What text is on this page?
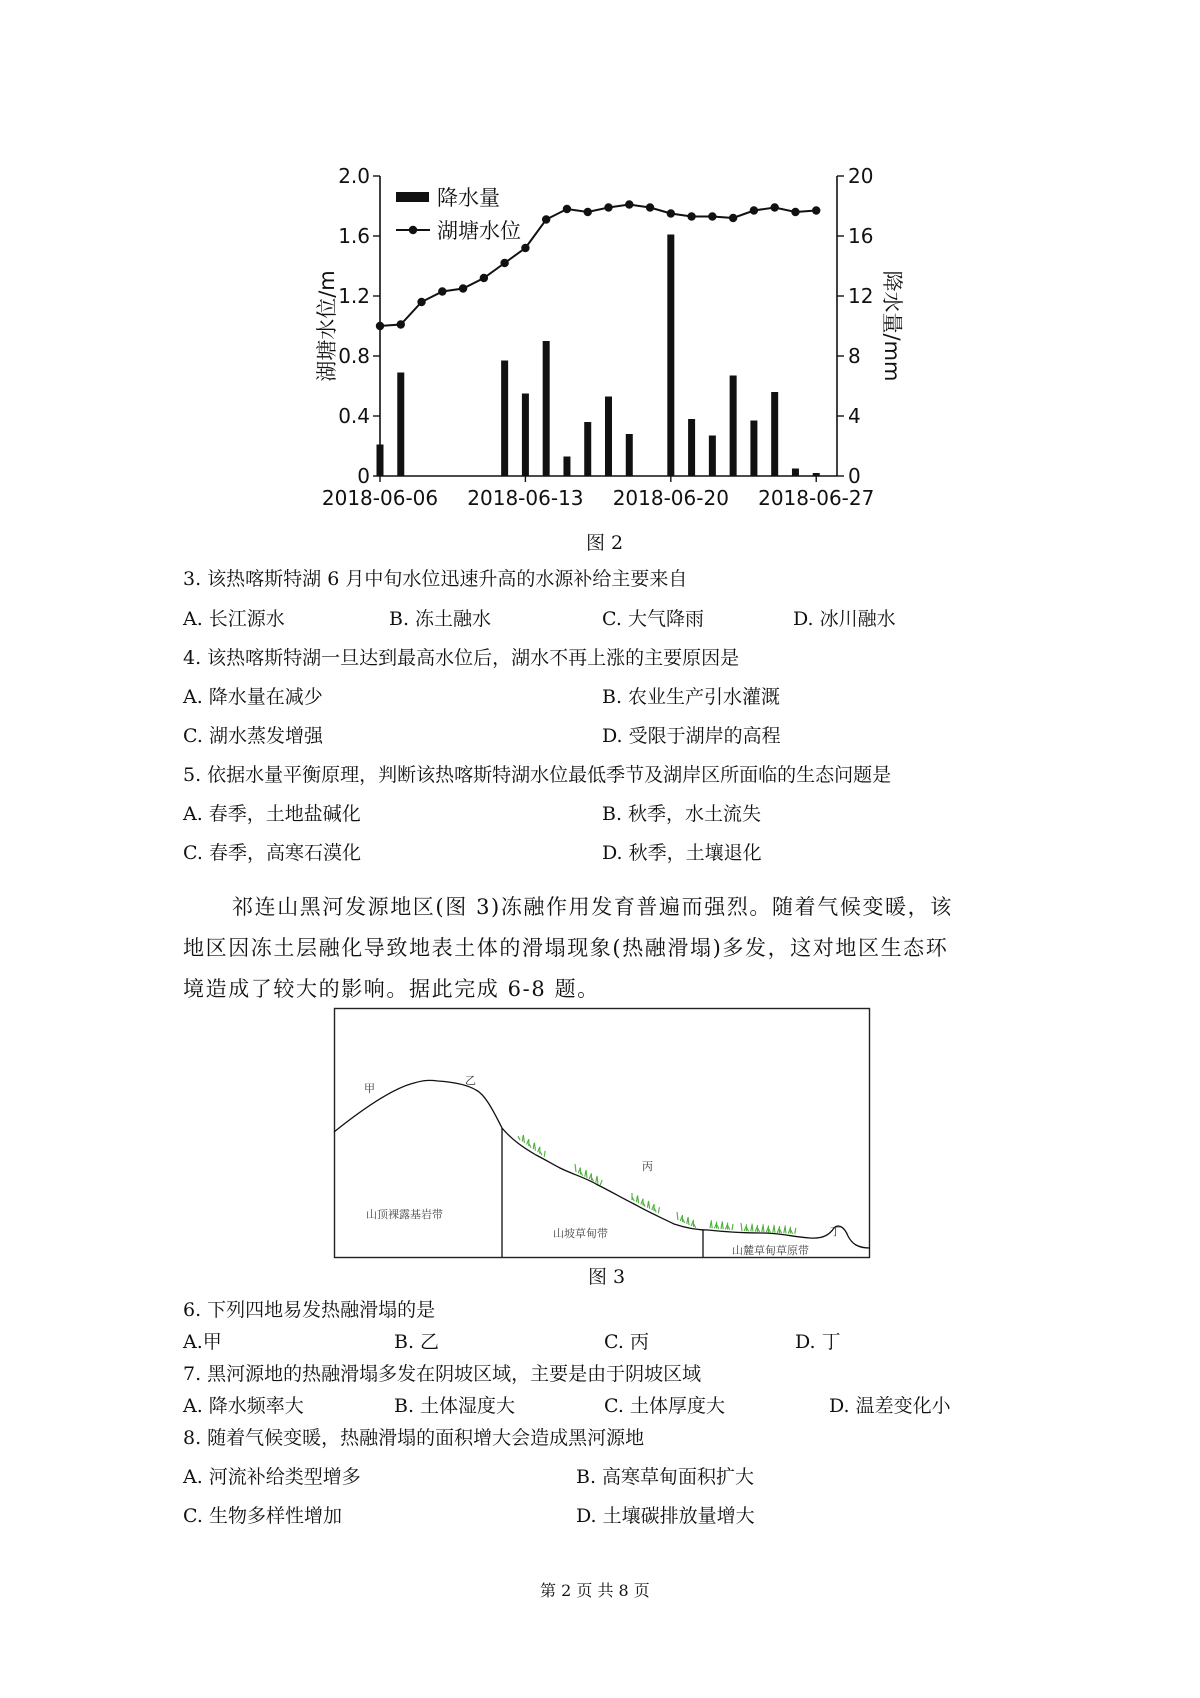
0
0.4
0.8
1.2
1.6
2.0
0
4
8
12
16
20
2018-06-06 2018-06-13 2018-06-20 2018-06-27
湖塘水位/m	降水量/mm
降水量
湖塘水位
图 2
3. 该热喀斯特湖 6 月中旬水位迅速升高的水源补给主要来自
A. 长江源水	B. 冻土融水	C. 大气降雨	D. 冰川融水
4. 该热喀斯特湖一旦达到最高水位后，湖水不再上涨的主要原因是
A. 降水量在减少	B. 农业生产引水灌溉
C. 湖水蒸发增强	D. 受限于湖岸的高程
5. 依据水量平衡原理，判断该热喀斯特湖水位最低季节及湖岸区所面临的生态问题是
A. 春季，土地盐碱化	B. 秋季，水土流失
C. 春季，高寒石漠化	D. 秋季，土壤退化
祁连山黑河发源地区(图 3)冻融作用发育普遍而强烈。随着气候变暖，该
地区因冻土层融化导致地表土体的滑塌现象(热融滑塌)多发，这对地区生态环
境造成了较大的影响。据此完成 6-8 题。
甲
乙
丙
丁
山顶裸露基岩带
山坡草甸带
山麓草甸草原带
图 3
6. 下列四地易发热融滑塌的是
A.甲	B. 乙	C. 丙	D. 丁
7. 黑河源地的热融滑塌多发在阴坡区域，主要是由于阴坡区域
A. 降水频率大	B. 土体湿度大	C. 土体厚度大	D. 温差变化小
8. 随着气候变暖，热融滑塌的面积增大会造成黑河源地
A. 河流补给类型增多	B. 高寒草甸面积扩大
C. 生物多样性增加	D. 土壤碳排放量增大
第 2 页 共 8 页
